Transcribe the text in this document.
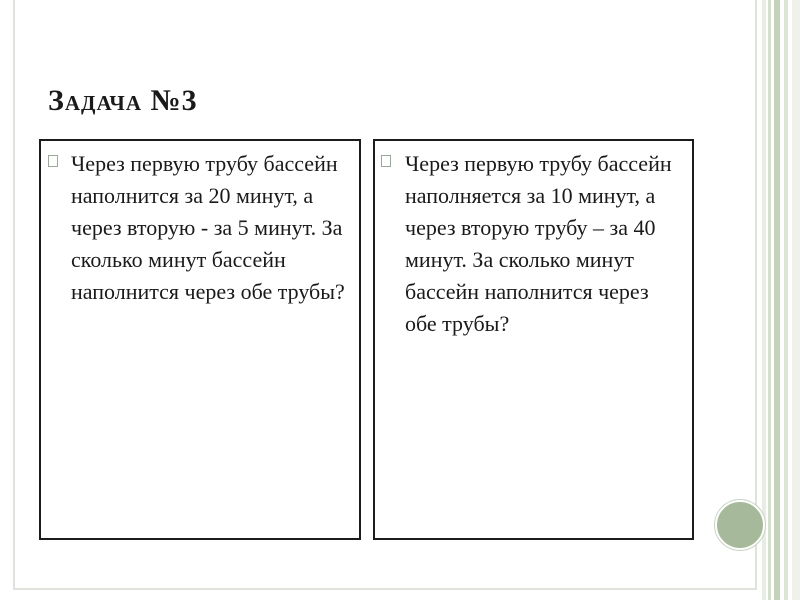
Задача №3
Через первую трубу бассейн наполнится за 20 минут, а через вторую - за 5 минут. За сколько минут бассейн наполнится через обе трубы?
Через первую трубу бассейн наполняется за 10 минут, а через вторую трубу – за 40 минут. За сколько минут бассейн наполнится через обе трубы?
